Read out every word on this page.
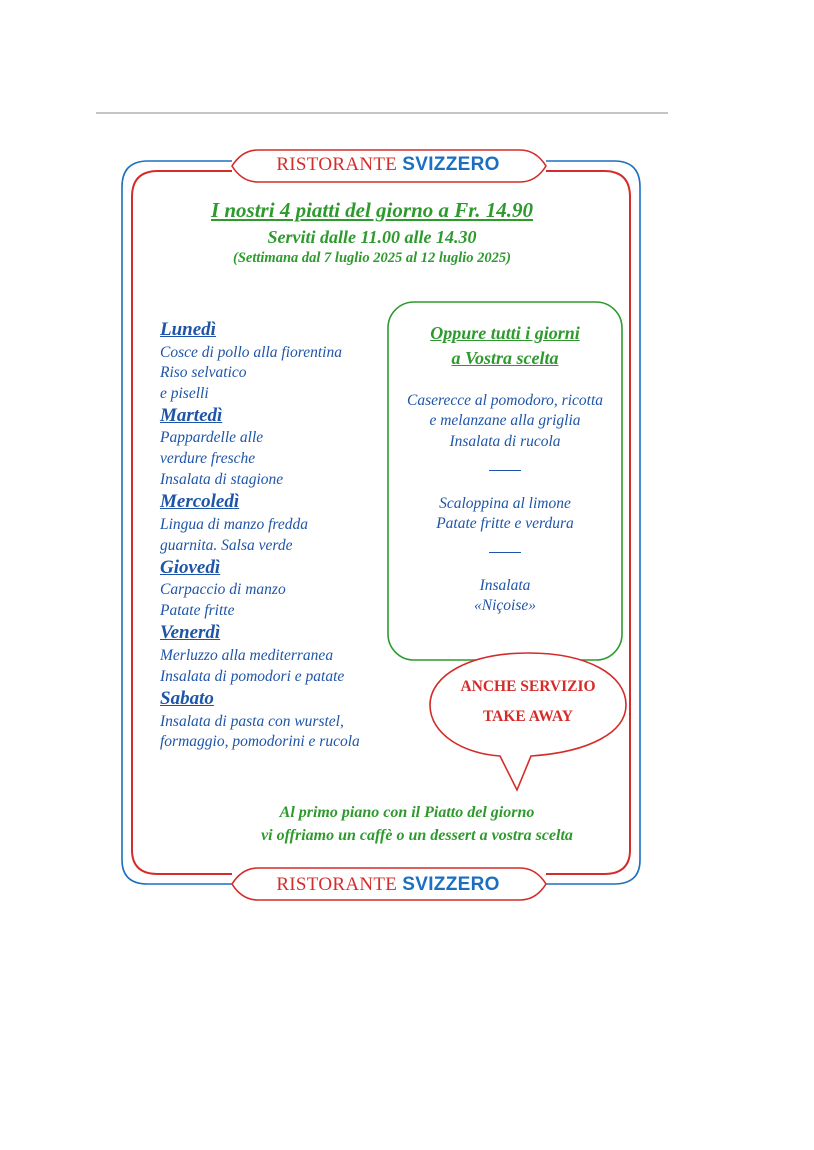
RISTORANTE SVIZZERO
I nostri 4 piatti del giorno a Fr. 14.90
Serviti dalle 11.00 alle 14.30
(Settimana dal 7 luglio 2025 al 12 luglio 2025)
Lunedì
Cosce di pollo alla fiorentina
Riso selvatico
e piselli
Martedì
Pappardelle alle
verdure fresche
Insalata di stagione
Mercoledì
Lingua di manzo fredda
guarnita. Salsa verde
Giovedì
Carpaccio di manzo
Patate fritte
Venerdì
Merluzzo alla mediterranea
Insalata di pomodori e patate
Sabato
Insalata di pasta con wurstel,
formaggio, pomodorini e rucola
Oppure tutti i giorni
a Vostra scelta
Caserecce al pomodoro, ricotta
e melanzane alla griglia
Insalata di rucola
Scaloppina al limone
Patate fritte e verdura
Insalata
«Niçoise»
ANCHE SERVIZIO
TAKE AWAY
Al primo piano con il Piatto del giorno
vi offriamo un caffè o un dessert a vostra scelta
RISTORANTE SVIZZERO
